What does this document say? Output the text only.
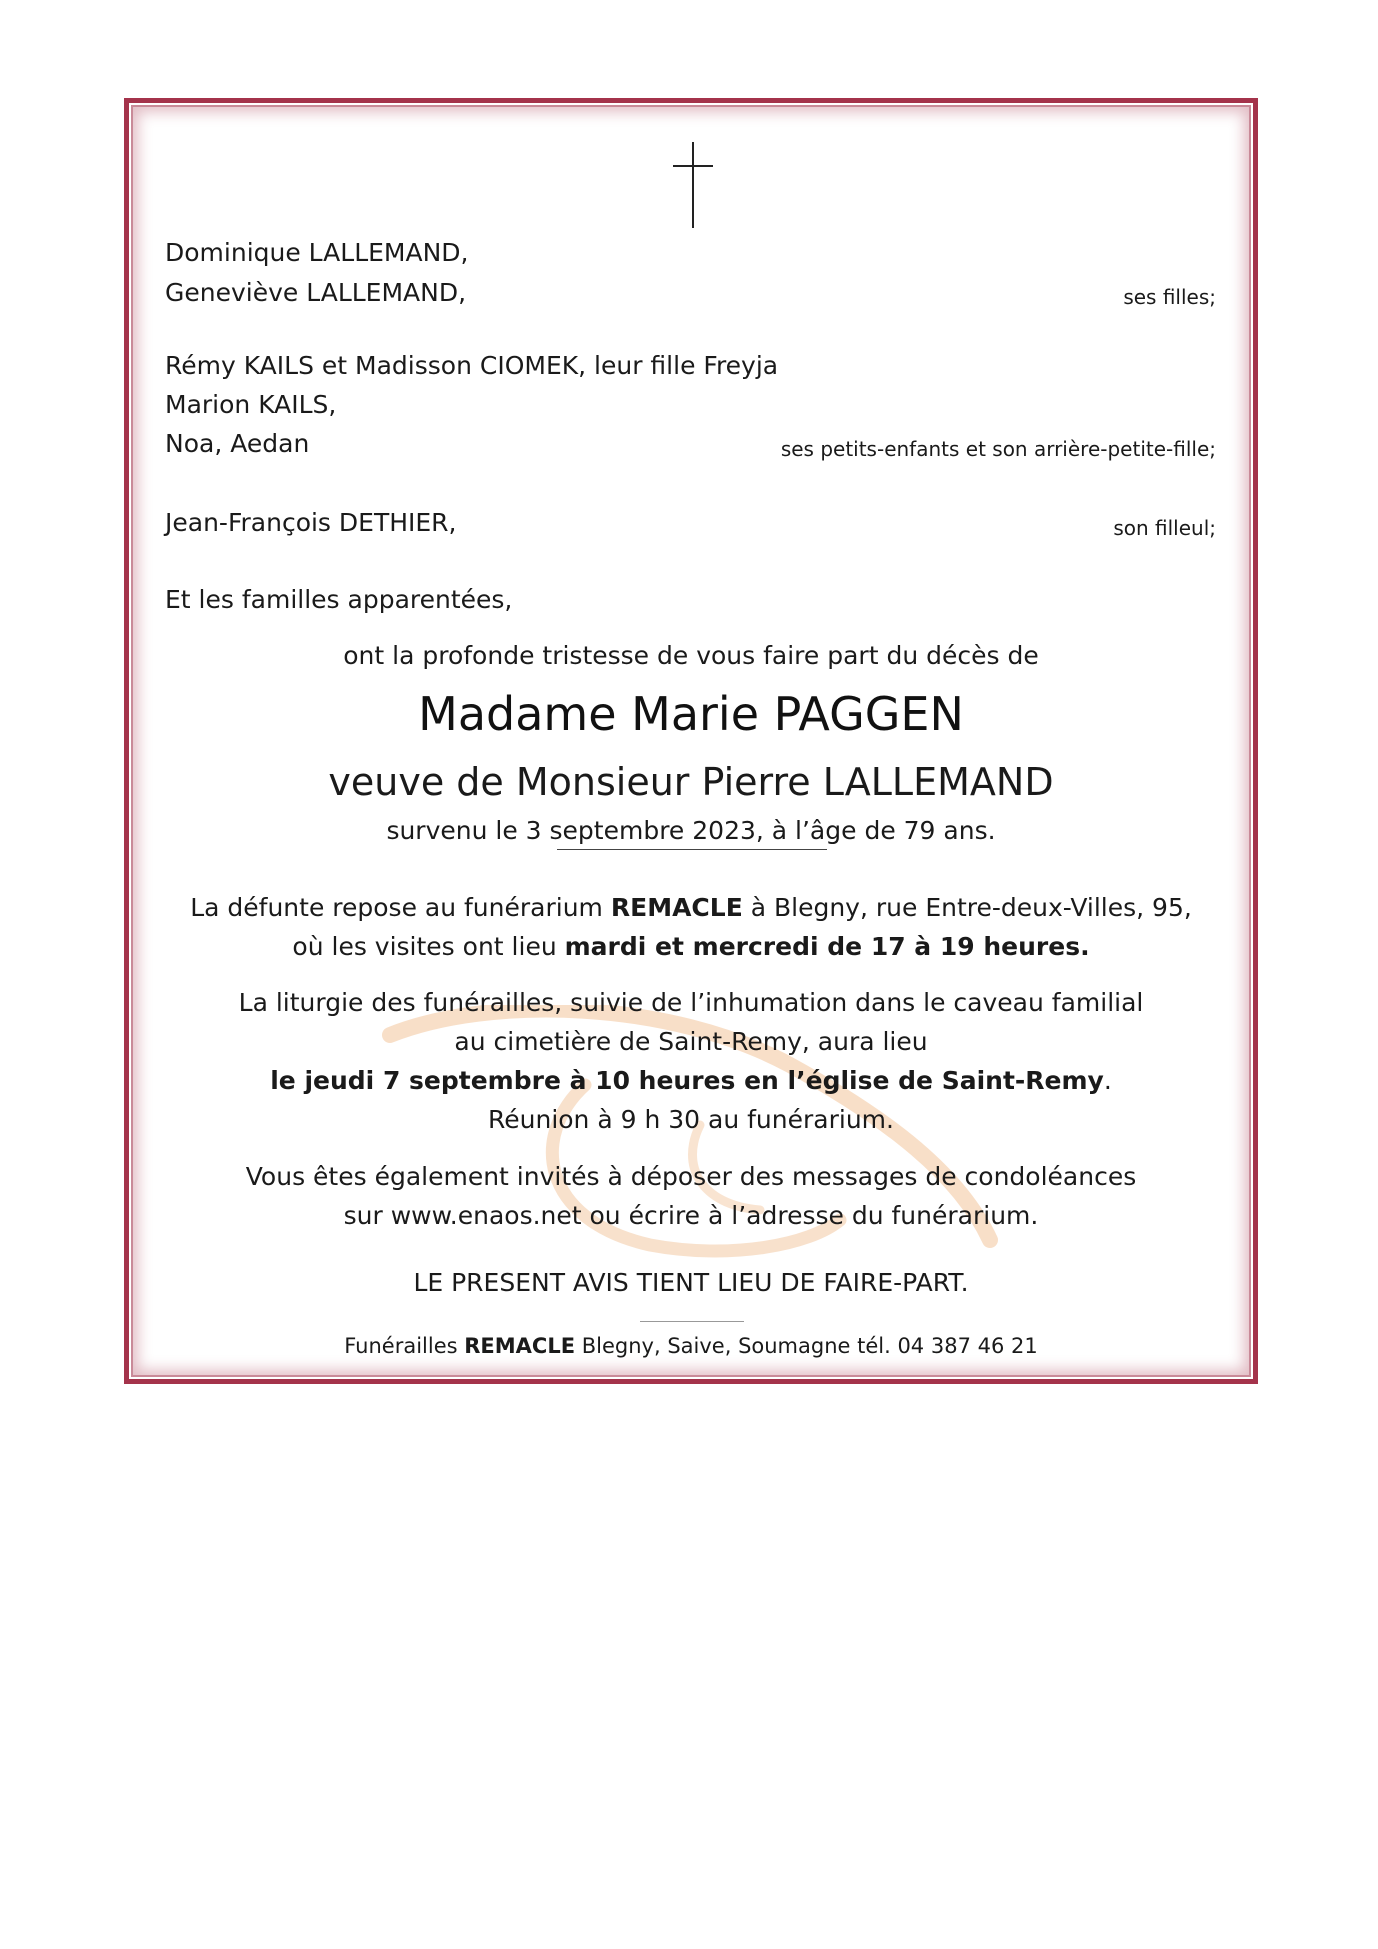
Dominique LALLEMAND,
Geneviève LALLEMAND,	ses filles;
Rémy KAILS et Madisson CIOMEK, leur fille Freyja
Marion KAILS,
Noa, Aedan	ses petits-enfants et son arrière-petite-fille;
Jean-François DETHIER,	son filleul;
Et les familles apparentées,
ont la profonde tristesse de vous faire part du décès de
Madame Marie PAGGEN
veuve de Monsieur Pierre LALLEMAND
survenu le 3 septembre 2023, à l’âge de 79 ans.
La défunte repose au funérarium REMACLE à Blegny, rue Entre-deux-Villes, 95,
où les visites ont lieu mardi et mercredi de 17 à 19 heures.
La liturgie des funérailles, suivie de l’inhumation dans le caveau familial
au cimetière de Saint-Remy, aura lieu
le jeudi 7 septembre à 10 heures en l’église de Saint-Remy.
Réunion à 9 h 30 au funérarium.
Vous êtes également invités à déposer des messages de condoléances
sur www.enaos.net ou écrire à l’adresse du funérarium.
LE PRESENT AVIS TIENT LIEU DE FAIRE-PART.
Funérailles REMACLE Blegny, Saive, Soumagne tél. 04 387 46 21
